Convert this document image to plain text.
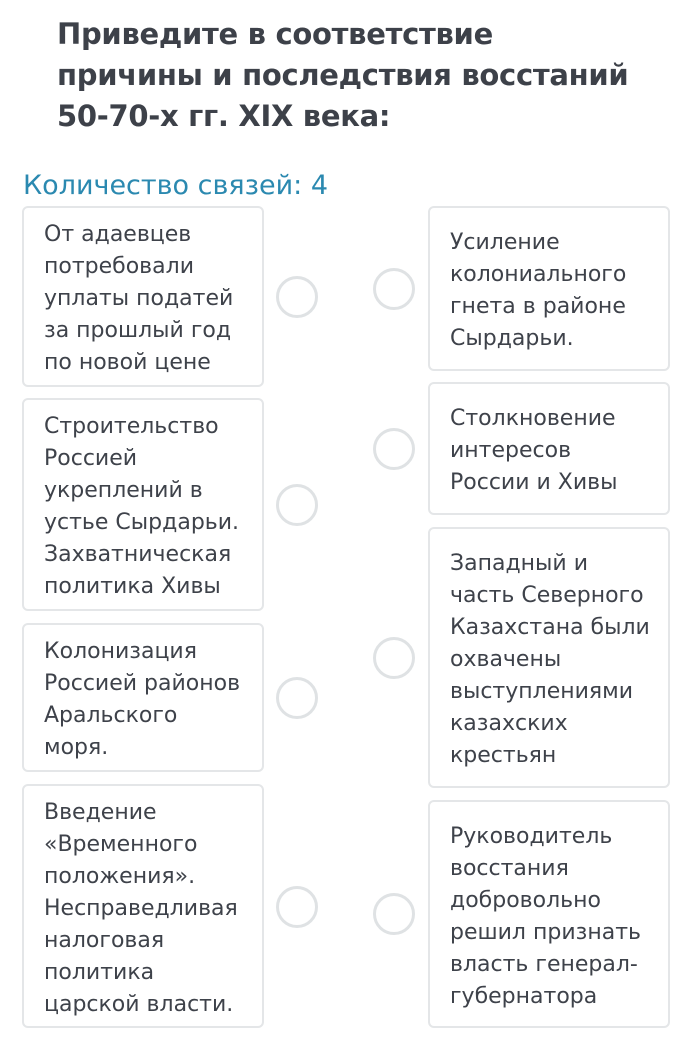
Приведите в соответствие
причины и последствия восстаний
50-70-х гг. XIX века:
Количество связей: 4
От адаевцев
потребовали
уплаты податей
за прошлый год
по новой цене
Строительство
Россией
укреплений в
устье Сырдарьи.
Захватническая
политика Хивы
Колонизация
Россией районов
Аральского
моря.
Введение
«Временного
положения».
Несправедливая
налоговая
политика
царской власти.
Усиление
колониального
гнета в районе
Сырдарьи.
Столкновение
интересов
России и Хивы
Западный и
часть Северного
Казахстана были
охвачены
выступлениями
казахских
крестьян
Руководитель
восстания
добровольно
решил признать
власть генерал-
губернатора
